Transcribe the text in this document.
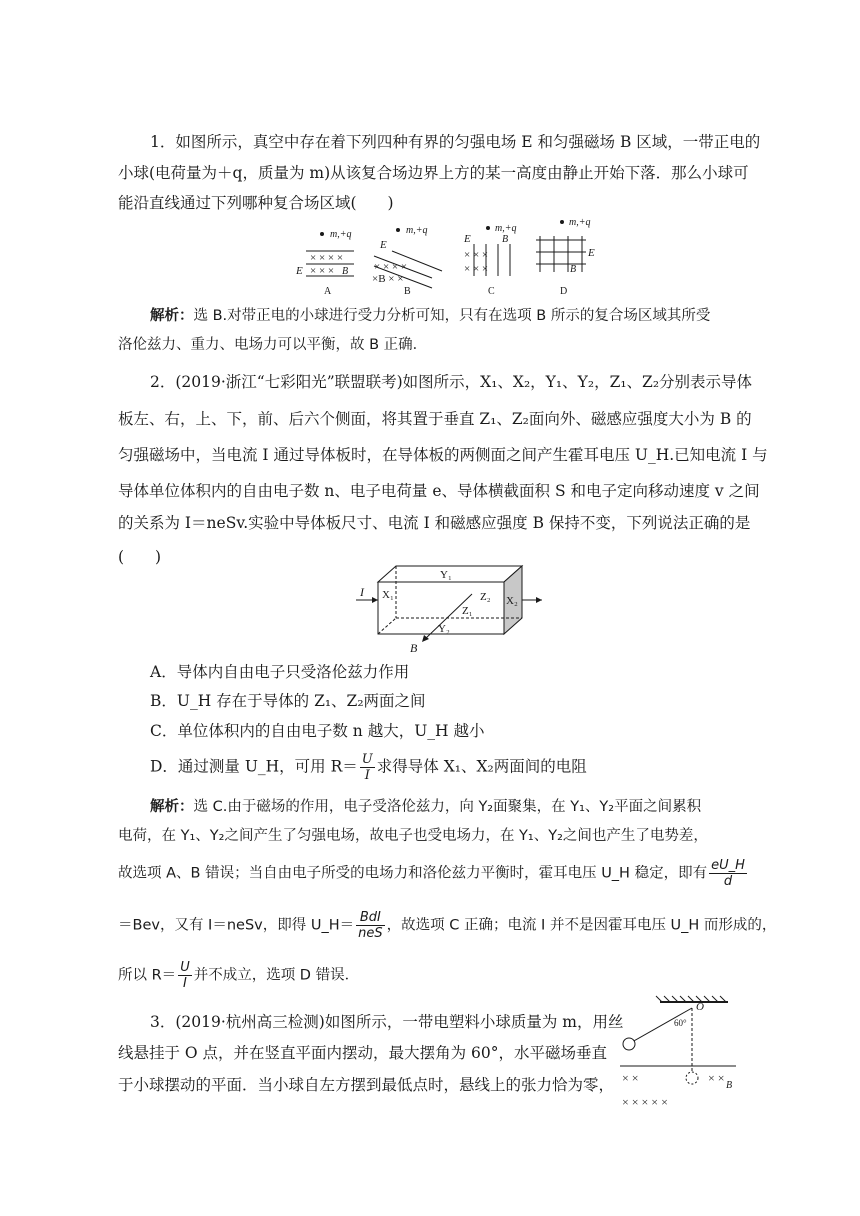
1．如图所示，真空中存在着下列四种有界的匀强电场 E 和匀强磁场 B 区域，一带正电的
小球(电荷量为＋q，质量为 m)从该复合场边界上方的某一高度由静止开始下落．那么小球可
能沿直线通过下列哪种复合场区域(　　)
m,+q
E
× × × ×
× × × B
A
m,+q
E
× × × ×
×B × ×
B
m,+q
E	B
× × ×
× × ×
C
m,+q
E
B
D
解析：选 B.对带正电的小球进行受力分析可知，只有在选项 B 所示的复合场区域其所受
洛伦兹力、重力、电场力可以平衡，故 B 正确．
2．(2019·浙江“七彩阳光”联盟联考)如图所示，X₁、X₂，Y₁、Y₂，Z₁、Z₂分别表示导体
板左、右，上、下，前、后六个侧面，将其置于垂直 Z₁、Z₂面向外、磁感应强度大小为 B 的
匀强磁场中，当电流 I 通过导体板时，在导体板的两侧面之间产生霍耳电压 U_H.已知电流 I 与
导体单位体积内的自由电子数 n、电子电荷量 e、导体横截面积 S 和电子定向移动速度 v 之间
的关系为 I＝neSv.实验中导体板尺寸、电流 I 和磁感应强度 B 保持不变，下列说法正确的是
(　　)
I X₁
Y₁
Z₂ X₂
Z₁
Y₂
B
A．导体内自由电子只受洛伦兹力作用
B．U_H 存在于导体的 Z₁、Z₂两面之间
C．单位体积内的自由电子数 n 越大，U_H 越小
D．通过测量 U_H，可用 $R= \frac{U}{I}$ 求得导体 X₁、X₂两面间的电阻
解析：选 C.由于磁场的作用，电子受洛伦兹力，向 Y₂面聚集，在 Y₁、Y₂平面之间累积
电荷，在 Y₁、Y₂之间产生了匀强电场，故电子也受电场力，在 Y₁、Y₂之间也产生了电势差，
故选项 A、B 错误；当自由电子所受的电场力和洛伦兹力平衡时，霍耳电压 U_H 稳定，即有 $\frac{eU\_H}{d}$
＝Bev，又有 I＝neSv，即得 U_H＝ $\frac{\text{BdI}}{\text{neS}}$ ，故选项 C 正确；电流 I 并不是因霍耳电压 U_H 而形成的，
所以 $R= \frac{U}{I}$ 并不成立，选项 D 错误．
3．(2019·杭州高三检测)如图所示，一带电塑料小球质量为 m，用丝
线悬挂于 O 点，并在竖直平面内摆动，最大摆角为 60°，水平磁场垂直
于小球摆动的平面．当小球自左方摆到最低点时，悬线上的张力恰为零，
O
60°
× ×	× ×
B
× × × × ×
